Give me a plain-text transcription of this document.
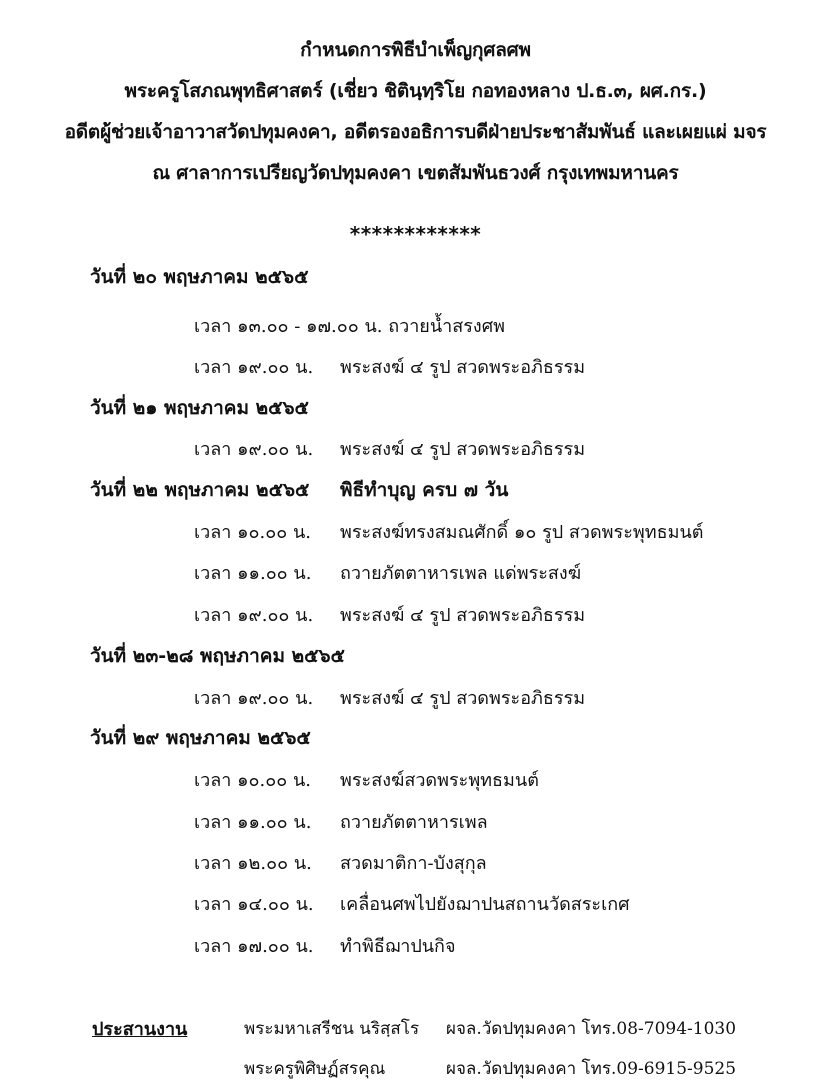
กำหนดการพิธีบำเพ็ญกุศลศพ
พระครูโสภณพุทธิศาสตร์ (เชี่ยว ชิตินฺทฺริโย กอทองหลาง ป.ธ.๓, ผศ.กร.)
อดีตผู้ช่วยเจ้าอาวาสวัดปทุมคงคา, อดีตรองอธิการบดีฝ่ายประชาสัมพันธ์ และเผยแผ่ มจร
ณ ศาลาการเปรียญวัดปทุมคงคา เขตสัมพันธวงศ์ กรุงเทพมหานคร
************
วันที่ ๒๐ พฤษภาคม ๒๕๖๕
เวลา ๑๓.๐๐ - ๑๗.๐๐ น. ถวายน้ำสรงศพ
เวลา ๑๙.๐๐ น. พระสงฆ์ ๔ รูป สวดพระอภิธรรม
วันที่ ๒๑ พฤษภาคม ๒๕๖๕
เวลา ๑๙.๐๐ น. พระสงฆ์ ๔ รูป สวดพระอภิธรรม
วันที่ ๒๒ พฤษภาคม ๒๕๖๕ พิธีทำบุญ ครบ ๗ วัน
เวลา ๑๐.๐๐ น. พระสงฆ์ทรงสมณศักดิ์ ๑๐ รูป สวดพระพุทธมนต์
เวลา ๑๑.๐๐ น. ถวายภัตตาหารเพล แด่พระสงฆ์
เวลา ๑๙.๐๐ น. พระสงฆ์ ๔ รูป สวดพระอภิธรรม
วันที่ ๒๓-๒๘ พฤษภาคม ๒๕๖๕
เวลา ๑๙.๐๐ น. พระสงฆ์ ๔ รูป สวดพระอภิธรรม
วันที่ ๒๙ พฤษภาคม ๒๕๖๕
เวลา ๑๐.๐๐ น. พระสงฆ์สวดพระพุทธมนต์
เวลา ๑๑.๐๐ น. ถวายภัตตาหารเพล
เวลา ๑๒.๐๐ น. สวดมาติกา-บังสุกุล
เวลา ๑๔.๐๐ น. เคลื่อนศพไปยังฌาปนสถานวัดสระเกศ
เวลา ๑๗.๐๐ น. ทำพิธีฌาปนกิจ
ประสานงาน	พระมหาเสรีชน นริสฺสโร ผจล.วัดปทุมคงคา โทร.08-7094-1030
พระครูพิศิษฏ์สรคุณ	ผจล.วัดปทุมคงคา โทร.09-6915-9525
